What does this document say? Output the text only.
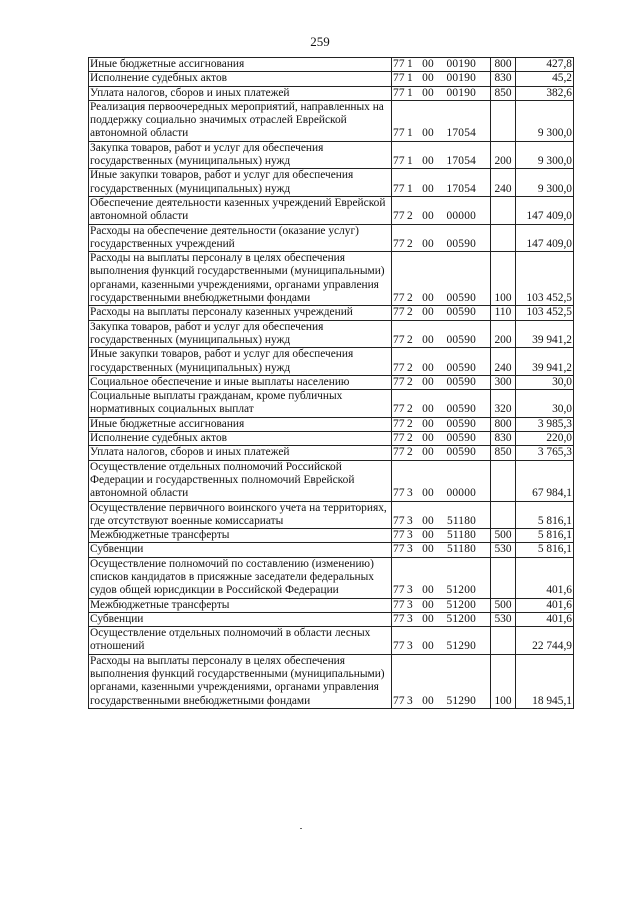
259
Иные бюджетные ассигнования	77 1 00 00190	800	427,8
Исполнение судебных актов	77 1 00 00190	830	45,2
Уплата налогов, сборов и иных платежей	77 1 00 00190	850	382,6
Реализация первоочередных мероприятий, направленных на поддержку социально значимых отраслей Еврейской автономной области	77 1 00 17054		9 300,0
Закупка товаров, работ и услуг для обеспечения государственных (муниципальных) нужд	77 1 00 17054	200	9 300,0
Иные закупки товаров, работ и услуг для обеспечения государственных (муниципальных) нужд	77 1 00 17054	240	9 300,0
Обеспечение деятельности казенных учреждений Еврейской автономной области	77 2 00 00000		147 409,0
Расходы на обеспечение деятельности (оказание услуг) государственных учреждений	77 2 00 00590		147 409,0
Расходы на выплаты персоналу в целях обеспечения выполнения функций государственными (муниципальными) органами, казенными учреждениями, органами управления государственными внебюджетными фондами	77 2 00 00590	100	103 452,5
Расходы на выплаты персоналу казенных учреждений	77 2 00 00590	110	103 452,5
Закупка товаров, работ и услуг для обеспечения государственных (муниципальных) нужд	77 2 00 00590	200	39 941,2
Иные закупки товаров, работ и услуг для обеспечения государственных (муниципальных) нужд	77 2 00 00590	240	39 941,2
Социальное обеспечение и иные выплаты населению	77 2 00 00590	300	30,0
Социальные выплаты гражданам, кроме публичных нормативных социальных выплат	77 2 00 00590	320	30,0
Иные бюджетные ассигнования	77 2 00 00590	800	3 985,3
Исполнение судебных актов	77 2 00 00590	830	220,0
Уплата налогов, сборов и иных платежей	77 2 00 00590	850	3 765,3
Осуществление отдельных полномочий Российской Федерации и государственных полномочий Еврейской автономной области	77 3 00 00000		67 984,1
Осуществление первичного воинского учета на территориях, где отсутствуют военные комиссариаты	77 3 00 51180		5 816,1
Межбюджетные трансферты	77 3 00 51180	500	5 816,1
Субвенции	77 3 00 51180	530	5 816,1
Осуществление полномочий по составлению (изменению) списков кандидатов в присяжные заседатели федеральных судов общей юрисдикции в Российской Федерации	77 3 00 51200		401,6
Межбюджетные трансферты	77 3 00 51200	500	401,6
Субвенции	77 3 00 51200	530	401,6
Осуществление отдельных полномочий в области лесных отношений	77 3 00 51290		22 744,9
Расходы на выплаты персоналу в целях обеспечения выполнения функций государственными (муниципальными) органами, казенными учреждениями, органами управления государственными внебюджетными фондами	77 3 00 51290	100	18 945,1
